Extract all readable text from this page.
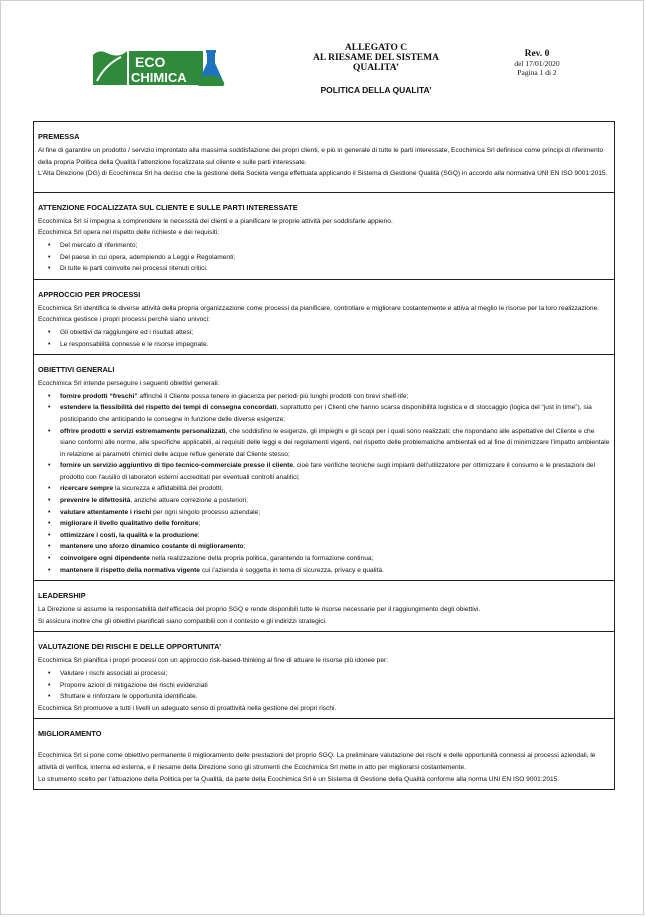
ECO
CHIMICA
ALLEGATO C
AL RIESAME DEL SISTEMA
QUALITA’
Rev. 0
del 17/01/2020
Pagina 1 di 2
POLITICA DELLA QUALITA’
PREMESSA

Al fine di garantire un prodotto / servizio improntato alla massima soddisfazione dei propri clienti, e più in generale di tutte le parti interessate, Ecochimica Srl definisce come principi di riferimento della propria Politica della Qualità l’attenzione focalizzata sul cliente e sulle parti interessate.

L’Alta Direzione (DG) di Ecochimica Srl ha deciso che la gestione della Società venga effettuata applicando il Sistema di Gestione Qualità (SGQ) in accordo alla normativa UNI EN ISO 9001:2015.

ATTENZIONE FOCALIZZATA SUL CLIENTE E SULLE PARTI INTERESSATE

Ecochimica Srl si impegna a comprendere le necessità dei clienti e a pianificare le proprie attività per soddisfarle appieno.

Ecochimica Srl opera nel rispetto delle richieste e dei requisiti:

• Del mercato di riferimento;
• Del paese in cui opera, adempiendo a Leggi e Regolamenti;
• Di tutte le parti coinvolte nei processi ritenuti critici.
APPROCCIO PER PROCESSI

Ecochimica Srl identifica le diverse attività della propria organizzazione come processi da pianificare, controllare e migliorare costantemente e attiva al meglio le risorse per la loro realizzazione.

Ecochimica gestisce i propri processi perché siano univoci:

• Gli obiettivi da raggiungere ed i risultati attesi;
• Le responsabilità connesse e le risorse impegnate.
OBIETTIVI GENERALI

Ecochimica Srl intende perseguire i seguenti obiettivi generali:

• fornire prodotti “freschi” affinché il Cliente possa tenere in giacenza per periodi più lunghi prodotti con brevi shelf-life;
• estendere la flessibilità del rispetto dei tempi di consegna concordati, soprattutto per i Clienti che hanno scarsa disponibilità logistica e di stoccaggio (logica del “just in time”), sia posticipando che anticipando le consegne in funzione delle diverse esigenze;
• offrire prodotti e servizi estremamente personalizzati, che soddisfino le esigenze, gli impieghi e gli scopi per i quali sono realizzati; che rispondano alle aspettative del Cliente e che siano conformi alle norme, alle specifiche applicabili, ai requisiti delle leggi e dei regolamenti vigenti, nel rispetto delle problematiche ambientali ed al fine di minimizzare l’impatto ambientale in relazione ai parametri chimici delle acque reflue generate dal Cliente stesso;
• fornire un servizio aggiuntivo di tipo tecnico-commerciale presso il cliente, cioè fare verifiche tecniche sugli impianti dell’utilizzatore per ottimizzare il consumo e le prestazioni del prodotto con l’ausilio di laboratori esterni accreditati per eventuali controlli analitici;
• ricercare sempre la sicurezza e affidabilità dei prodotti;
• prevenire le difettosità, anziché attuare correzione a posteriori;
• valutare attentamente i rischi per ogni singolo processo aziendale;
• migliorare il livello qualitativo delle forniture;
• ottimizzare i costi, la qualità e la produzione;
• mantenere uno sforzo dinamico costante di miglioramento;
• coinvolgere ogni dipendente nella realizzazione della propria politica, garantendo la formazione continua;
• mantenere il rispetto della normativa vigente cui l’azienda è soggetta in tema di sicurezza, privacy e qualità.
LEADERSHIP

La Direzione si assume la responsabilità dell’efficacia del proprio SGQ e rende disponibili tutte le risorse necessarie per il raggiungimento degli obiettivi.

Si assicura inoltre che gli obiettivi pianificati siano compatibili con il contesto e gli indirizzi strategici.

VALUTAZIONE DEI RISCHI E DELLE OPPORTUNITA’

Ecochimica Srl pianifica i propri processi con un approccio risk-based-thinking al fine di attuare le risorse più idonee per:

• Valutare i rischi associati ai processi;
• Proporre azioni di mitigazione dei rischi evidenziati
• Sfruttare e rinforzare le opportunità identificate.

Ecochimica Srl promuove a tutti i livelli un adeguato senso di proattività nella gestione dei propri rischi.

MIGLIORAMENTO

Ecochimica Srl si pone come obiettivo permanente il miglioramento delle prestazioni del proprio SGQ. La preliminare valutazione dei rischi e delle opportunità connessi ai processi aziendali, le attività di verifica, interna ed esterna, e il riesame della Direzione sono gli strumenti che Ecochimica Srl mette in atto per migliorarsi costantemente.

Lo strumento scelto per l’attuazione della Politica per la Qualità, da parte della Ecochimica Srl è un Sistema di Gestione della Qualità conforme alla norma UNI EN ISO 9001:2015.
